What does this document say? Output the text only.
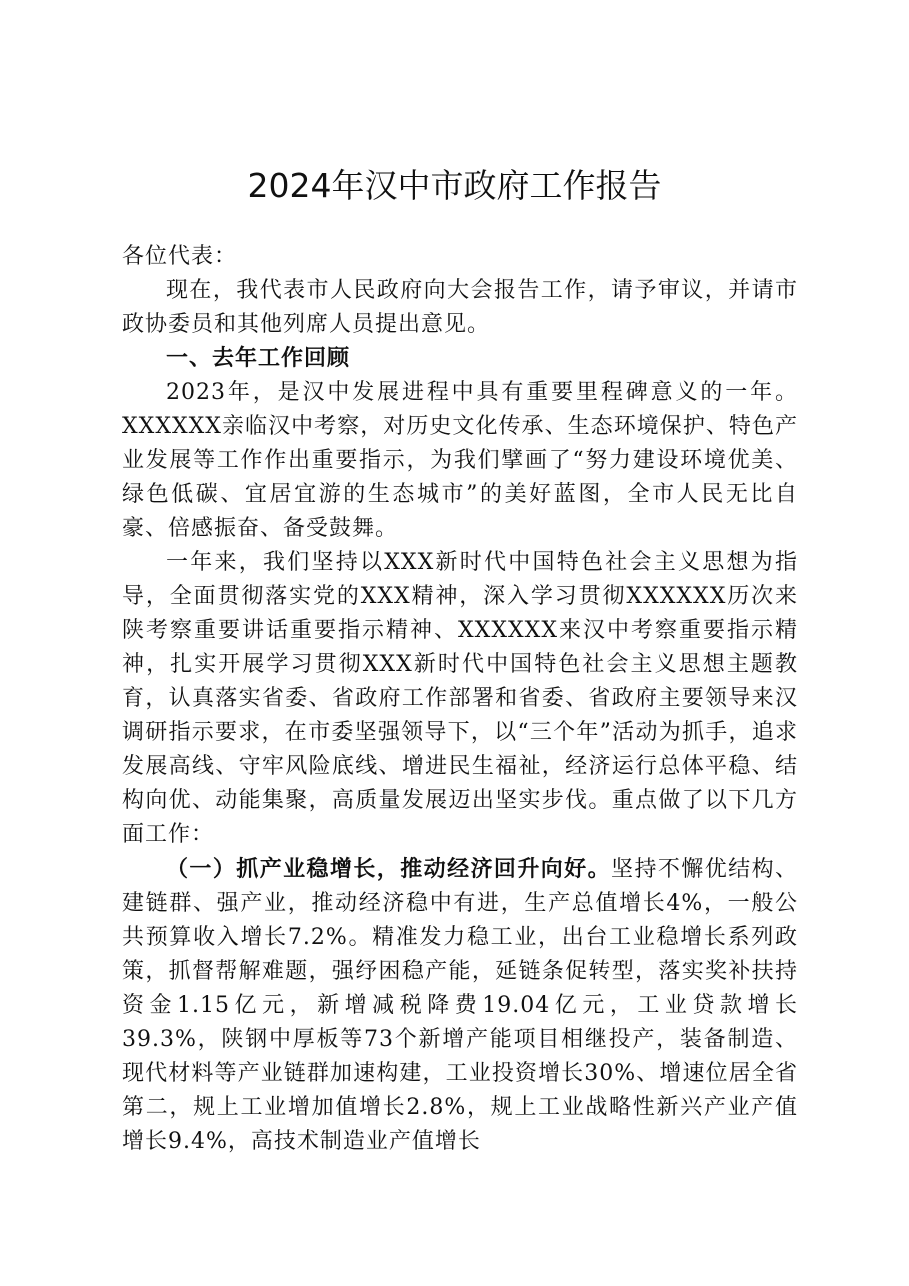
2024年汉中市政府工作报告

各位代表：

现在，我代表市人民政府向大会报告工作，请予审议，并请市政协委员和其他列席人员提出意见。

一、去年工作回顾

2023年，是汉中发展进程中具有重要里程碑意义的一年。XXXXXX亲临汉中考察，对历史文化传承、生态环境保护、特色产业发展等工作作出重要指示，为我们擘画了“努力建设环境优美、绿色低碳、宜居宜游的生态城市”的美好蓝图，全市人民无比自豪、倍感振奋、备受鼓舞。

一年来，我们坚持以XXX新时代中国特色社会主义思想为指导，全面贯彻落实党的XXX精神，深入学习贯彻XXXXXX历次来陕考察重要讲话重要指示精神、XXXXXX来汉中考察重要指示精神，扎实开展学习贯彻XXX新时代中国特色社会主义思想主题教育，认真落实省委、省政府工作部署和省委、省政府主要领导来汉调研指示要求，在市委坚强领导下，以“三个年”活动为抓手，追求发展高线、守牢风险底线、增进民生福祉，经济运行总体平稳、结构向优、动能集聚，高质量发展迈出坚实步伐。重点做了以下几方面工作：

（一）抓产业稳增长，推动经济回升向好。坚持不懈优结构、建链群、强产业，推动经济稳中有进，生产总值增长4%，一般公共预算收入增长7.2%。精准发力稳工业，出台工业稳增长系列政策，抓督帮解难题，强纾困稳产能，延链条促转型，落实奖补扶持资金1.15亿元，新增减税降费19.04亿元，工业贷款增长39.3%，陕钢中厚板等73个新增产能项目相继投产，装备制造、现代材料等产业链群加速构建，工业投资增长30%、增速位居全省第二，规上工业增加值增长2.8%，规上工业战略性新兴产业产值增长9.4%，高技术制造业产值增长
